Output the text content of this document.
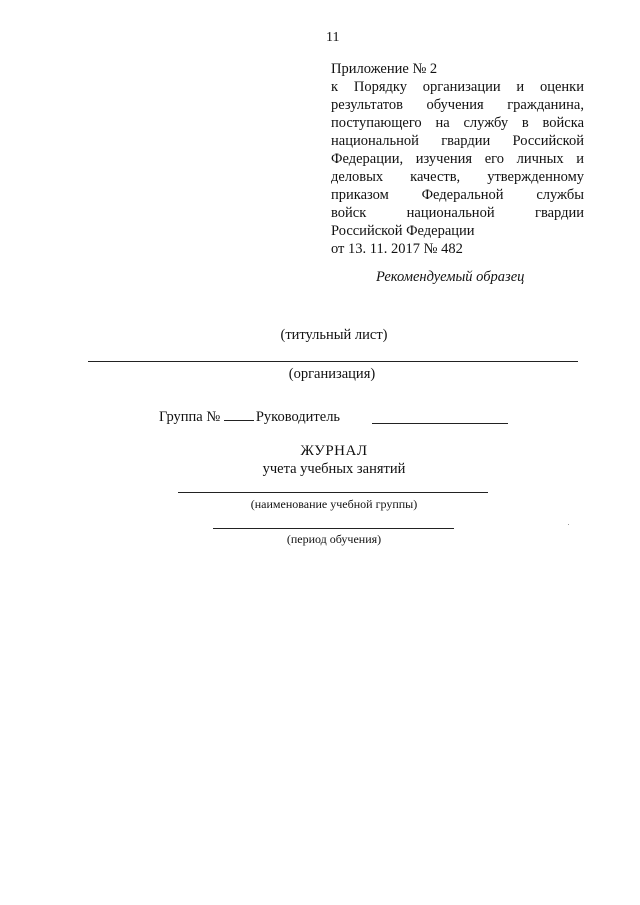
11
Приложение № 2
к Порядку организации и оценки
результатов обучения гражданина,
поступающего на службу в войска
национальной гвардии Российской
Федерации, изучения его личных и
деловых качеств, утвержденному
приказом Федеральной службы
войск национальной гвардии
Российской Федерации
от 13. 11. 2017 № 482
Рекомендуемый образец
(титульный лист)
(организация)
Группа № Руководитель
ЖУРНАЛ
учета учебных занятий
(наименование учебной группы)
(период обучения)
